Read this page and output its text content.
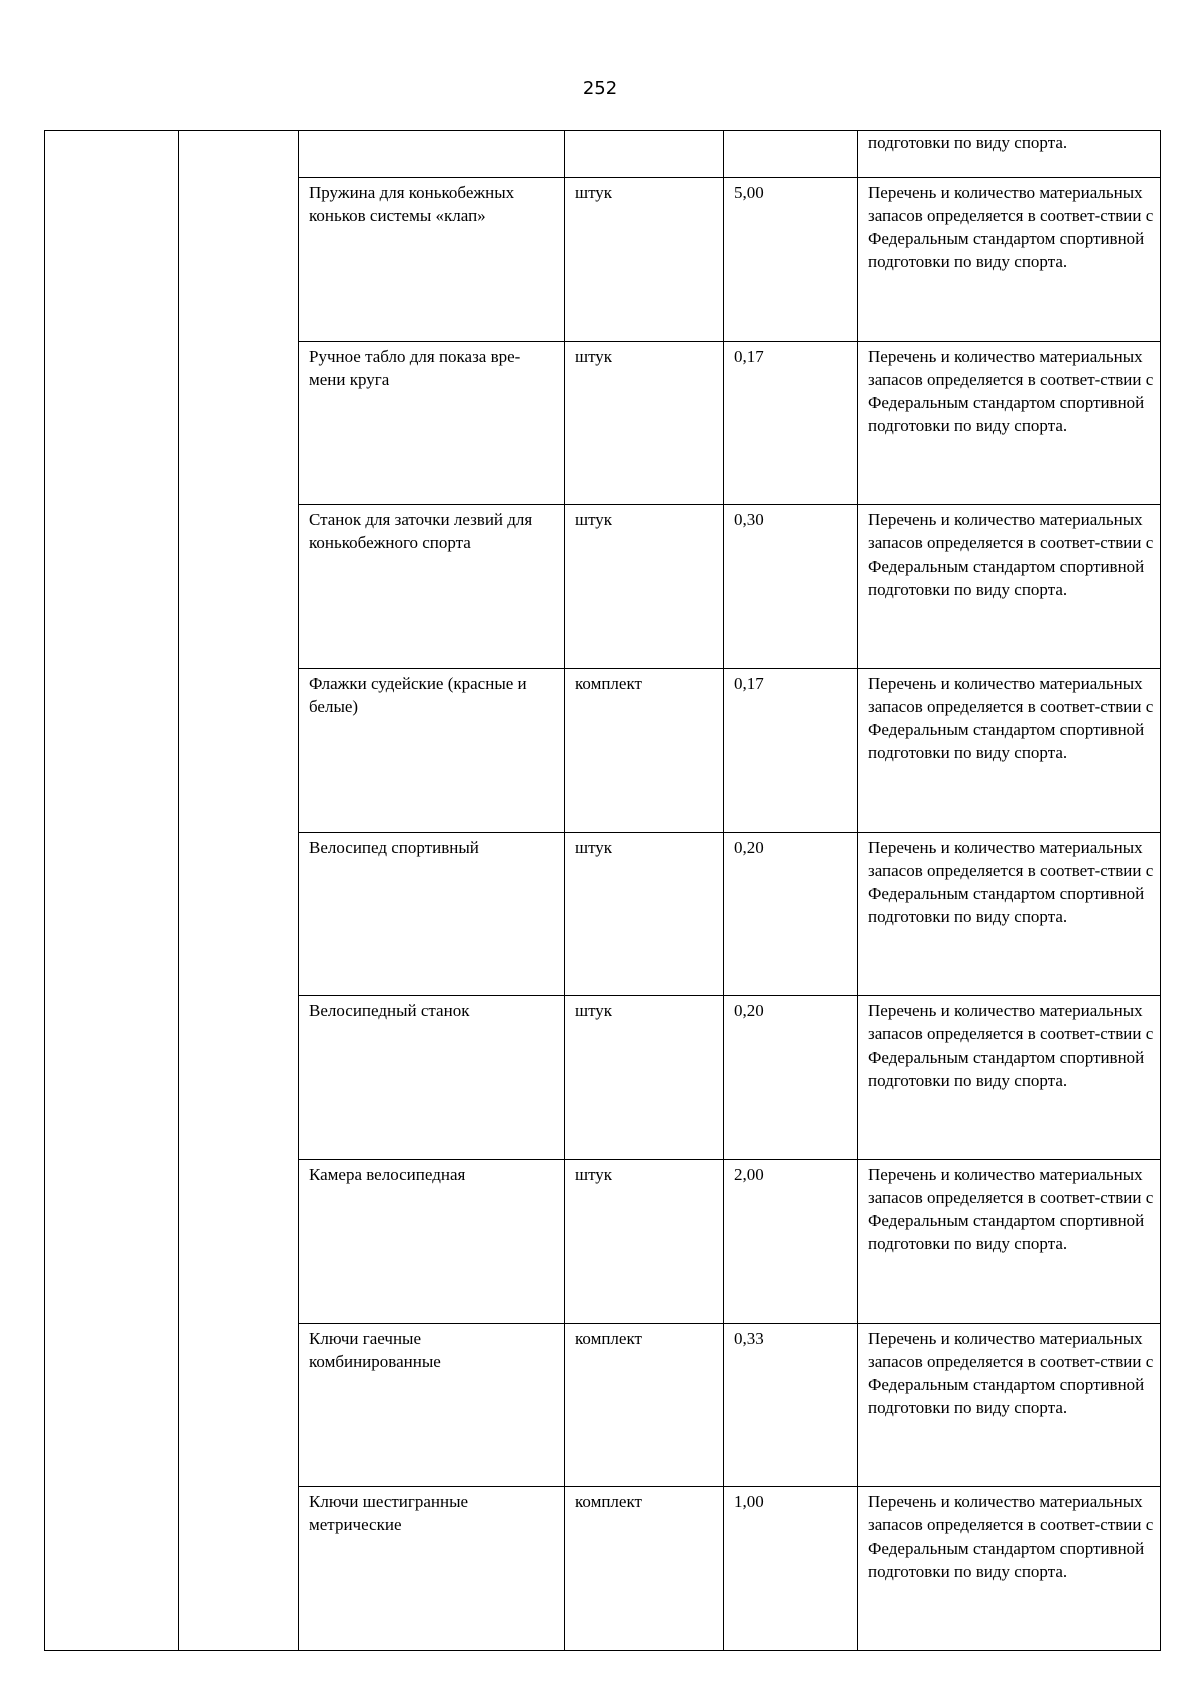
252
					подготовки по виду спорта.
		Пружина для конькобежных коньков системы «клап»	штук	5,00	Перечень и количество материальных запасов определяется в соответ-ствии с Федеральным стандартом спортивной подготовки по виду спорта.
		Ручное табло для показа вре-мени круга	штук	0,17	Перечень и количество материальных запасов определяется в соответ-ствии с Федеральным стандартом спортивной подготовки по виду спорта.
		Станок для заточки лезвий для конькобежного спорта	штук	0,30	Перечень и количество материальных запасов определяется в соответ-ствии с Федеральным стандартом спортивной подготовки по виду спорта.
		Флажки судейские (красные и белые)	комплект	0,17	Перечень и количество материальных запасов определяется в соответ-ствии с Федеральным стандартом спортивной подготовки по виду спорта.
		Велосипед спортивный	штук	0,20	Перечень и количество материальных запасов определяется в соответ-ствии с Федеральным стандартом спортивной подготовки по виду спорта.
		Велосипедный станок	штук	0,20	Перечень и количество материальных запасов определяется в соответ-ствии с Федеральным стандартом спортивной подготовки по виду спорта.
		Камера велосипедная	штук	2,00	Перечень и количество материальных запасов определяется в соответ-ствии с Федеральным стандартом спортивной подготовки по виду спорта.
		Ключи гаечные комбинированные	комплект	0,33	Перечень и количество материальных запасов определяется в соответ-ствии с Федеральным стандартом спортивной подготовки по виду спорта.
		Ключи шестигранные метрические	комплект	1,00	Перечень и количество материальных запасов определяется в соответ-ствии с Федеральным стандартом спортивной подготовки по виду спорта.
